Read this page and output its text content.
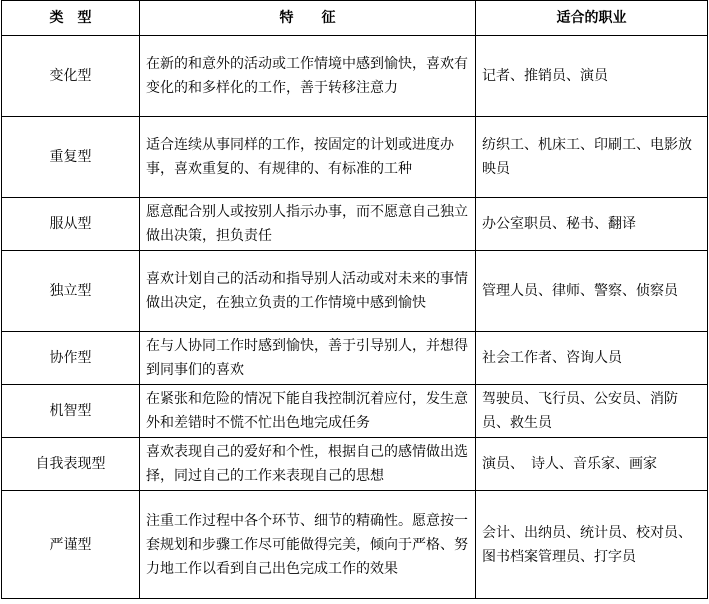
类　型	特　　征	适合的职业
变化型	在新的和意外的活动或工作情境中感到愉快，喜欢有变化的和多样化的工作，善于转移注意力	记者、推销员、演员
重复型	适合连续从事同样的工作，按固定的计划或进度办事，喜欢重复的、有规律的、有标准的工种	纺织工、机床工、印刷工、电影放映员
服从型	愿意配合别人或按别人指示办事，而不愿意自己独立做出决策，担负责任	办公室职员、秘书、翻译
独立型	喜欢计划自己的活动和指导别人活动或对未来的事情做出决定，在独立负责的工作情境中感到愉快	管理人员、律师、警察、侦察员
协作型	在与人协同工作时感到愉快，善于引导别人，并想得到同事们的喜欢	社会工作者、咨询人员
机智型	在紧张和危险的情况下能自我控制沉着应付，发生意外和差错时不慌不忙出色地完成任务	驾驶员、飞行员、公安员、消防员、救生员
自我表现型	喜欢表现自己的爱好和个性，根据自己的感情做出选择，同过自己的工作来表现自己的思想	演员、　诗人、音乐家、画家
严谨型	注重工作过程中各个环节、细节的精确性。愿意按一套规划和步骤工作尽可能做得完美，倾向于严格、努力地工作以看到自己出色完成工作的效果	会计、出纳员、统计员、校对员、图书档案管理员、打字员
